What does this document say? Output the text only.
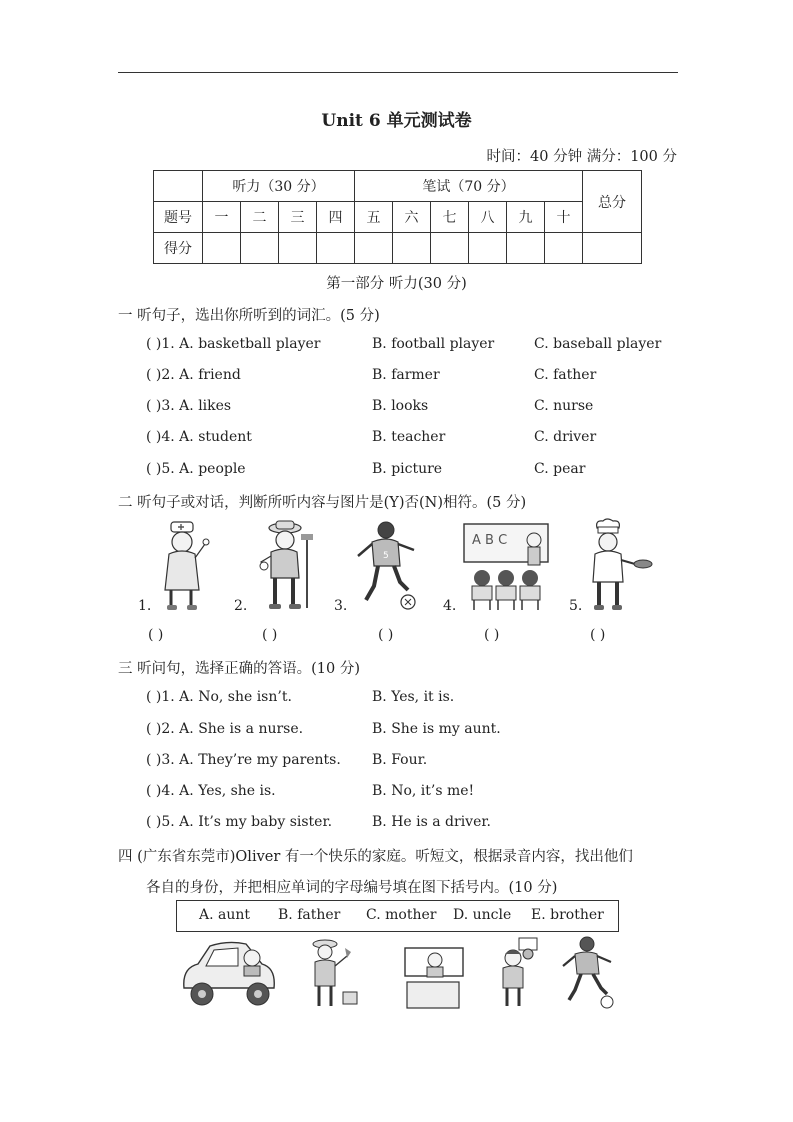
Unit 6 单元测试卷
时间：40 分钟 满分：100 分
	听力（30 分）				笔试（70 分）						总分
题号	一	二	三	四	五	六	七	八	九	十	
得分											
第一部分 听力(30 分)
一 听句子，选出你所听到的词汇。(5 分)
( )1. A. basketball player	B. football player	C. baseball player
( )2. A. friend	B. farmer	C. father
( )3. A. likes	B. looks	C. nurse
( )4. A. student	B. teacher	C. driver
( )5. A. people	B. picture	C. pear
二 听句子或对话，判断所听内容与图片是(Y)否(N)相符。(5 分)
5
A B C
1.	2.	3.	4.	5.
( )	( )	( )	( )	( )
三 听问句，选择正确的答语。(10 分)
( )1. A. No, she isn’t.	B. Yes, it is.
( )2. A. She is a nurse.	B. She is my aunt.
( )3. A. They’re my parents. B. Four.
( )4. A. Yes, she is.	B. No, it’s me!
( )5. A. It’s my baby sister.	B. He is a driver.
四 (广东省东莞市)Oliver 有一个快乐的家庭。听短文，根据录音内容，找出他们
各自的身份，并把相应单词的字母编号填在图下括号内。(10 分)
A. aunt B. father C. mother D. uncle E. brother
